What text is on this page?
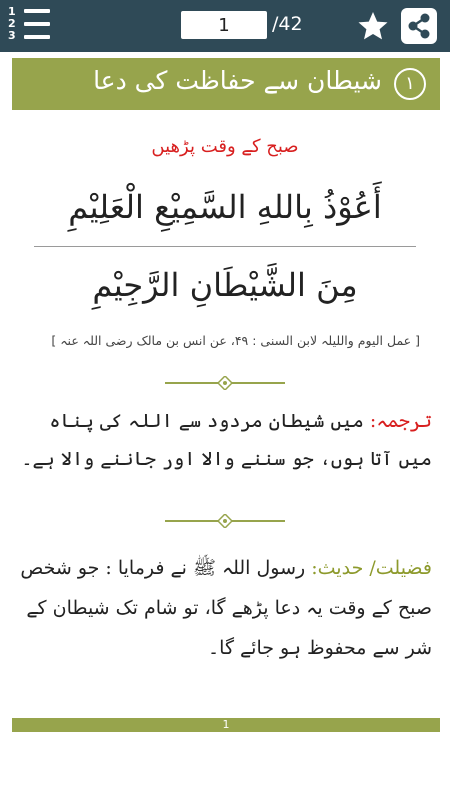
1
2
3
1
/42
شیطان سے حفاظت کی دعا	١
صبح کے وقت پڑھیں
أَعُوْذُ بِاللهِ السَّمِيْعِ الْعَلِيْمِ
مِنَ الشَّيْطَانِ الرَّجِيْمِ
[ عمل الیوم واللیلہ لابن السنی : ۴۹، عن انس بن مالک رضی اللہ عنہ ]
ترجمہ: میں شیطان مردود سے اللہ کی پناہ میں آتا ہوں، جو سننے والا اور جاننے والا ہے۔
فضیلت/ حدیث: رسول اللہ ﷺ نے فرمایا : جو شخص صبح کے وقت یہ دعا پڑھے گا، تو شام تک شیطان کے شر سے محفوظ ہو جائے گا۔
1
